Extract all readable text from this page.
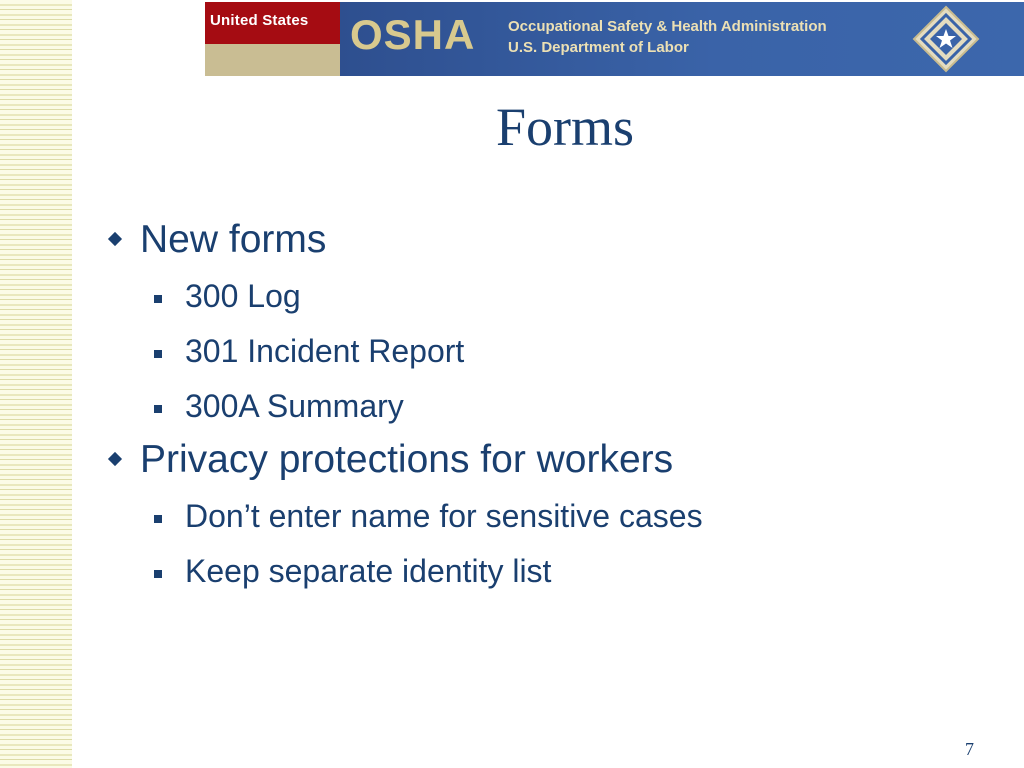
United States OSHA Occupational Safety & Health Administration
U.S. Department of Labor
Forms
New forms
300 Log
301 Incident Report
300A Summary
Privacy protections for workers
Don’t enter name for sensitive cases
Keep separate identity list
7
